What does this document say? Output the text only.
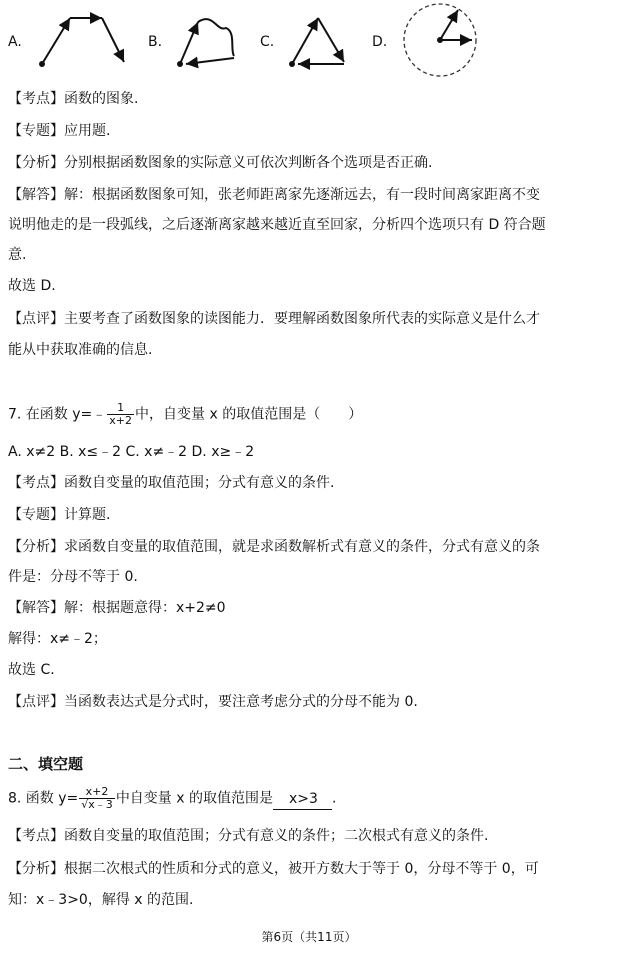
A.	B.	C.	D.
【考点】函数的图象.
【专题】应用题.
【分析】分别根据函数图象的实际意义可依次判断各个选项是否正确.
【解答】解：根据函数图象可知，张老师距离家先逐渐远去，有一段时间离家距离不变
说明他走的是一段弧线，之后逐渐离家越来越近直至回家，分析四个选项只有 D 符合题
意.
故选 D.
【点评】主要考查了函数图象的读图能力．要理解函数图象所代表的实际意义是什么才
能从中获取准确的信息.
7. 在函数 y=﹣ $\frac{1}{x+2}$ 中，自变量 x 的取值范围是（　　）
A. x≠2 B. x≤﹣2 C. x≠﹣2 D. x≥﹣2
【考点】函数自变量的取值范围；分式有意义的条件.
【专题】计算题.
【分析】求函数自变量的取值范围，就是求函数解析式有意义的条件，分式有意义的条
件是：分母不等于 0.
【解答】解：根据题意得：x+2≠0
解得：x≠﹣2；
故选 C.
【点评】当函数表达式是分式时，要注意考虑分式的分母不能为 0.
二、填空题
8. 函数 $y= \frac{x+2}{√x﹣3}$ 中自变量 x 的取值范围是 x>3 .
【考点】函数自变量的取值范围；分式有意义的条件；二次根式有意义的条件.
【分析】根据二次根式的性质和分式的意义，被开方数大于等于 0，分母不等于 0，可
知：x﹣3>0，解得 x 的范围.
第6页（共11页）
